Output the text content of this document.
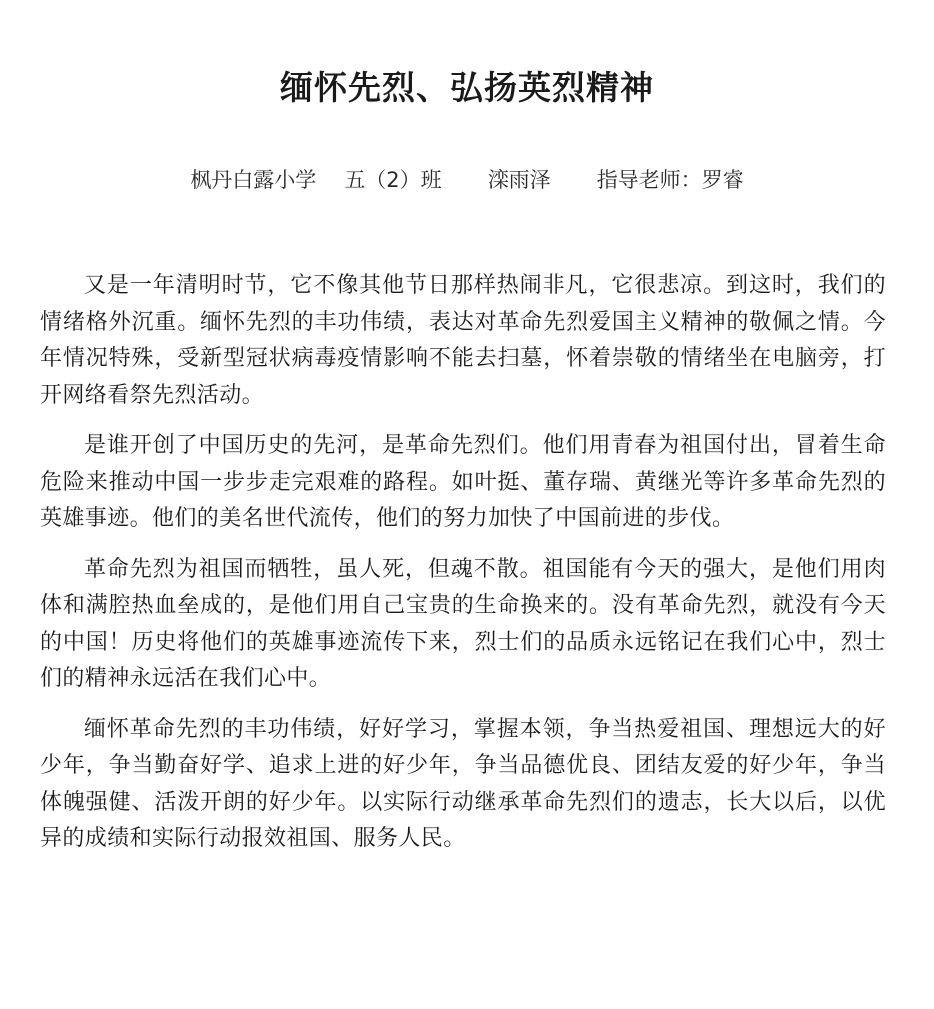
缅怀先烈、弘扬英烈精神
枫丹白露小学 五（2）班 滦雨泽 指导老师：罗睿

又是一年清明时节，它不像其他节日那样热闹非凡，它很悲凉。到这时，我们的情绪格外沉重。缅怀先烈的丰功伟绩，表达对革命先烈爱国主义精神的敬佩之情。今年情况特殊，受新型冠状病毒疫情影响不能去扫墓，怀着崇敬的情绪坐在电脑旁，打开网络看祭先烈活动。

是谁开创了中国历史的先河，是革命先烈们。他们用青春为祖国付出，冒着生命危险来推动中国一步步走完艰难的路程。如叶挺、董存瑞、黄继光等许多革命先烈的英雄事迹。他们的美名世代流传，他们的努力加快了中国前进的步伐。

革命先烈为祖国而牺牲，虽人死，但魂不散。祖国能有今天的强大，是他们用肉体和满腔热血垒成的，是他们用自己宝贵的生命换来的。没有革命先烈，就没有今天的中国！历史将他们的英雄事迹流传下来，烈士们的品质永远铭记在我们心中，烈士们的精神永远活在我们心中。

缅怀革命先烈的丰功伟绩，好好学习，掌握本领，争当热爱祖国、理想远大的好少年，争当勤奋好学、追求上进的好少年，争当品德优良、团结友爱的好少年，争当体魄强健、活泼开朗的好少年。以实际行动继承革命先烈们的遗志，长大以后，以优异的成绩和实际行动报效祖国、服务人民。
